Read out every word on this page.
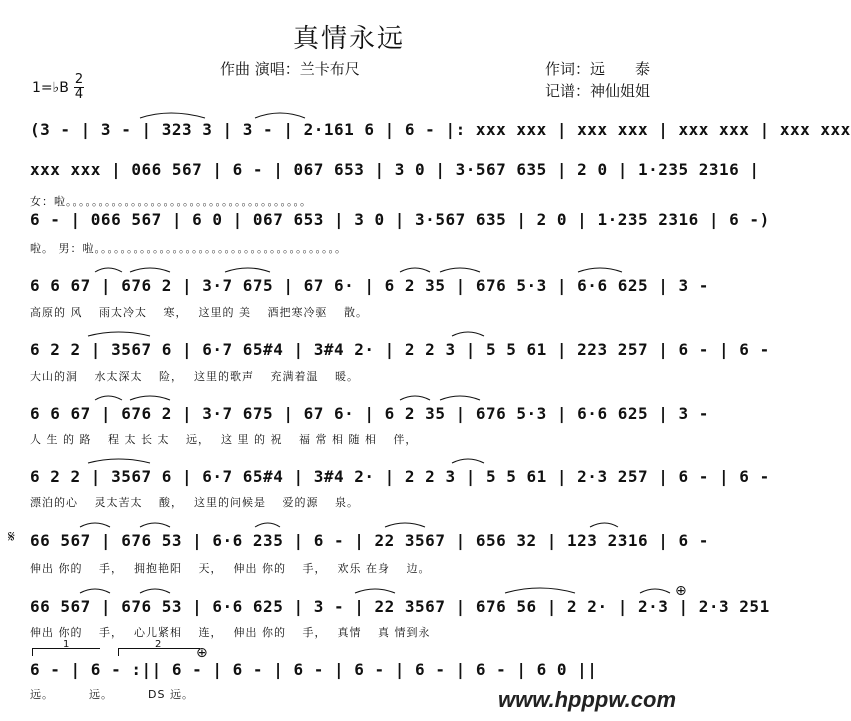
真情永远
作曲 演唱：兰卡布尺	作词：远　　泰
记谱：神仙姐姐
1=♭B
2
4
(3 - | 3 - | 323 3 | 3 - | 2·161 6 | 6 - |: xxx xxx | xxx xxx | xxx xxx | xxx xxx
xxx xxx | 066 567 | 6 - | 067 653 | 3 0 | 3·567 635 | 2 0 | 1·235 2316 |
女：啦。。。。。。。。。。。。。。。。。。。。。。。。。。。。。。。。。。。。。
6 - | 066 567 | 6 0 | 067 653 | 3 0 | 3·567 635 | 2 0 | 1·235 2316 | 6 -)
啦。 男：啦。。。。。。。。。。。。。。。。。。。。。。。。。。。。。。。。。。。。。。
6 6 67 | 676 2 | 3·7 675 | 67 6· | 6 2 35 | 676 5·3 | 6·6 625 | 3 -
高原的 风　 雨太冷太　 寒，　 这里的 美　 酒把寒冷驱　 散。
6 2 2 | 3567 6 | 6·7 65#4 | 3#4 2· | 2 2 3 | 5 5 61 | 223 257 | 6 - | 6 -
大山的洞　 水太深太　 险，　 这里的歌声　 充满着温　 暖。
6 6 67 | 676 2 | 3·7 675 | 67 6· | 6 2 35 | 676 5·3 | 6·6 625 | 3 -
人 生 的 路　 程 太 长 太　 远，　 这 里 的 祝　 福 常 相 随 相　 伴，
6 2 2 | 3567 6 | 6·7 65#4 | 3#4 2· | 2 2 3 | 5 5 61 | 2·3 257 | 6 - | 6 -
漂泊的心　 灵太苦太　 酸，　 这里的问候是　 爱的源　 泉。
66 567 | 676 53 | 6·6 235 | 6 - | 22 3567 | 656 32 | 123 2316 | 6 -
伸出 你的　 手，　 拥抱艳阳　 天，　 伸出 你的　 手，　 欢乐 在身　 边。
66 567 | 676 53 | 6·6 625 | 3 - | 22 3567 | 676 56 | 2 2· | 2·3 | 2·3 251
伸出 你的　 手，　 心儿紧相　 连，　 伸出 你的　 手，　 真情　 真 情到永
6 - | 6 - :|| 6 - | 6 - | 6 - | 6 - | 6 - | 6 - | 6 0 ||
远。　　　 远。　　　 DS 远。
1	2
𝄋
⊕
⊕
www.hpppw.com
